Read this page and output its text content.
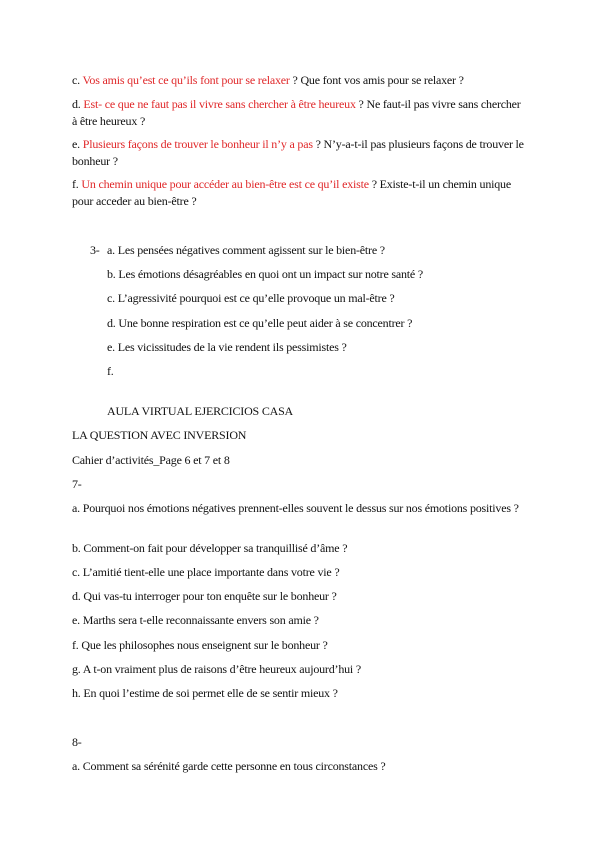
c. Vos amis qu’est ce qu’ils font pour se relaxer ? Que font vos amis pour se relaxer ?
d. Est- ce que ne faut pas il vivre sans chercher à être heureux ? Ne faut-il pas vivre sans chercher à être heureux ?
e. Plusieurs façons de trouver le bonheur il n’y a pas ? N’y-a-t-il pas plusieurs façons de trouver le bonheur ?
f. Un chemin unique pour accéder au bien-être est ce qu’il existe ? Existe-t-il un chemin unique pour acceder au bien-être ?
3- a. Les pensées négatives comment agissent sur le bien-être ?
b. Les émotions désagréables en quoi ont un impact sur notre santé ?
c. L’agressivité pourquoi est ce qu’elle provoque un mal-être ?
d. Une bonne respiration est ce qu’elle peut aider à se concentrer ?
e. Les vicissitudes de la vie rendent ils pessimistes ?
f.
AULA VIRTUAL EJERCICIOS CASA
LA QUESTION AVEC INVERSION
Cahier d’activités_Page 6 et 7 et 8
7-
a. Pourquoi nos émotions négatives prennent-elles souvent le dessus sur nos émotions positives ?
b. Comment-on fait pour développer sa tranquillisé d’âme ?
c. L’amitié tient-elle une place importante dans votre vie ?
d. Qui vas-tu interroger pour ton enquête sur le bonheur ?
e. Marths sera t-elle reconnaissante envers son amie ?
f. Que les philosophes nous enseignent sur le bonheur ?
g. A t-on vraiment plus de raisons d’être heureux aujourd’hui ?
h. En quoi l’estime de soi permet elle de se sentir mieux ?
8-
a. Comment sa sérénité garde cette personne en tous circonstances ?
